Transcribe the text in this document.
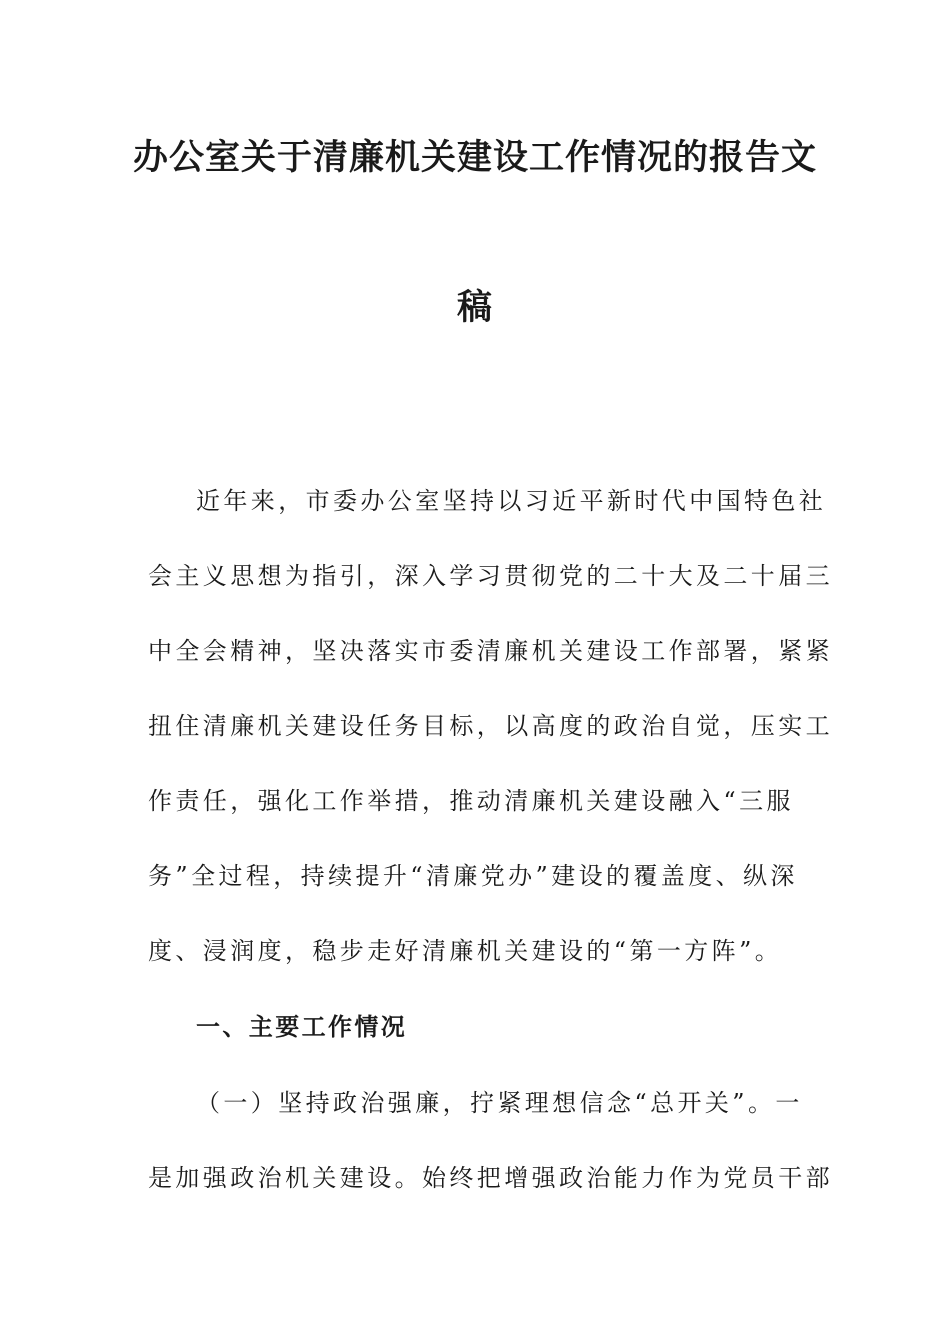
办公室关于清廉机关建设工作情况的报告文
稿
近年来，市委办公室坚持以习近平新时代中国特色社
会主义思想为指引，深入学习贯彻党的二十大及二十届三
中全会精神，坚决落实市委清廉机关建设工作部署，紧紧
扭住清廉机关建设任务目标，以高度的政治自觉，压实工
作责任，强化工作举措，推动清廉机关建设融入“三服
务”全过程，持续提升“清廉党办”建设的覆盖度、纵深
度、浸润度，稳步走好清廉机关建设的“第一方阵”。
一、主要工作情况
（一）坚持政治强廉，拧紧理想信念“总开关”。一
是加强政治机关建设。始终把增强政治能力作为党员干部
